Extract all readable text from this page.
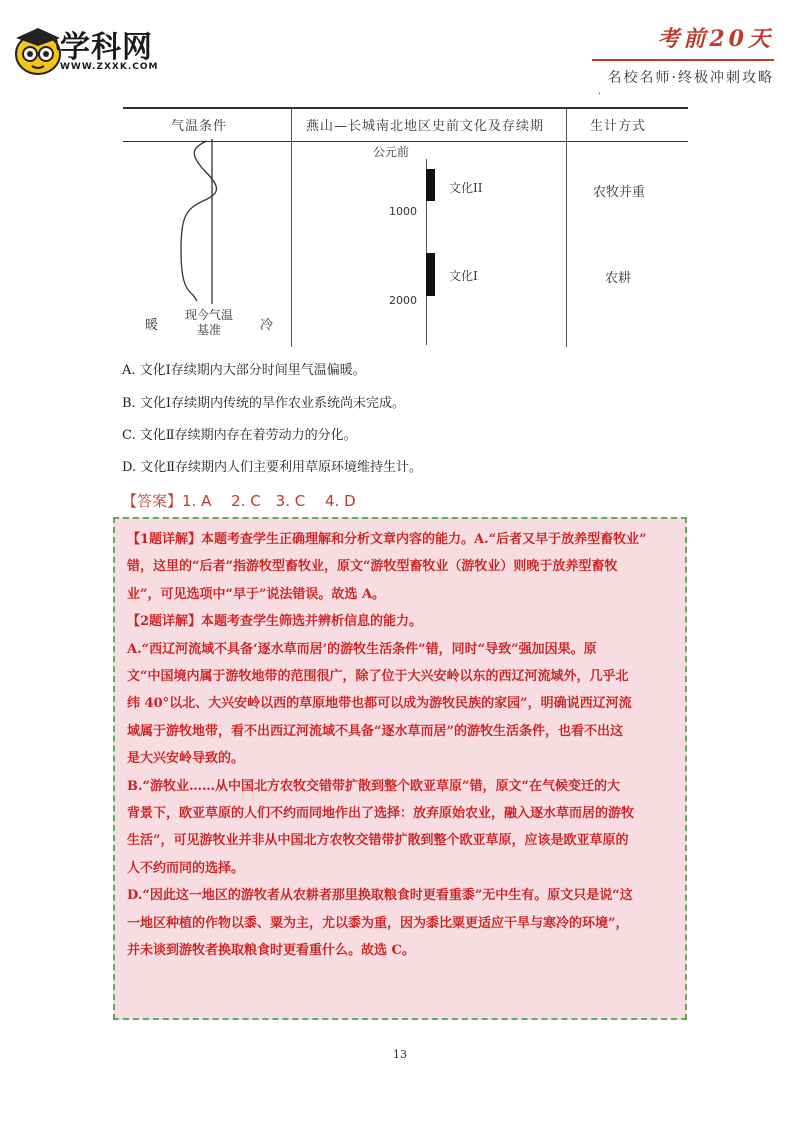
学科网
WWW.ZXXK.COM
考前20天
名校名师·终极冲刺攻略
.
气温条件	燕山—长城南北地区史前文化及存续期	生计方式
暖	冷
现今气温
基准
公元前
1000
2000
文化II
文化I
农牧并重
农耕
A. 文化Ⅰ存续期内大部分时间里气温偏暖。
B. 文化Ⅰ存续期内传统的旱作农业系统尚未完成。
C. 文化Ⅱ存续期内存在着劳动力的分化。
D. 文化Ⅱ存续期内人们主要利用草原环境维持生计。
【答案】1. A　 2. C　3. C　 4. D

【1题详解】本题考查学生正确理解和分析文章内容的能力。A.“后者又早于放养型畜牧业”

错，这里的“后者”指游牧型畜牧业，原文“游牧型畜牧业（游牧业）则晚于放养型畜牧

业”，可见选项中“早于”说法错误。故选 A。

【2题详解】本题考查学生筛选并辨析信息的能力。

A.“西辽河流域不具备‘逐水草而居’的游牧生活条件”错，同时“导致”强加因果。原

文“中国境内属于游牧地带的范围很广，除了位于大兴安岭以东的西辽河流域外，几乎北

纬 40°以北、大兴安岭以西的草原地带也都可以成为游牧民族的家园”，明确说西辽河流

域属于游牧地带，看不出西辽河流域不具备“逐水草而居”的游牧生活条件，也看不出这

是大兴安岭导致的。

B.“游牧业……从中国北方农牧交错带扩散到整个欧亚草原”错，原文“在气候变迁的大

背景下，欧亚草原的人们不约而同地作出了选择：放弃原始农业，融入逐水草而居的游牧

生活”，可见游牧业并非从中国北方农牧交错带扩散到整个欧亚草原，应该是欧亚草原的

人不约而同的选择。

D.“因此这一地区的游牧者从农耕者那里换取粮食时更看重黍”无中生有。原文只是说“这

一地区种植的作物以黍、粟为主，尤以黍为重，因为黍比粟更适应干旱与寒冷的环境”，

并未谈到游牧者换取粮食时更看重什么。故选 C。

13
